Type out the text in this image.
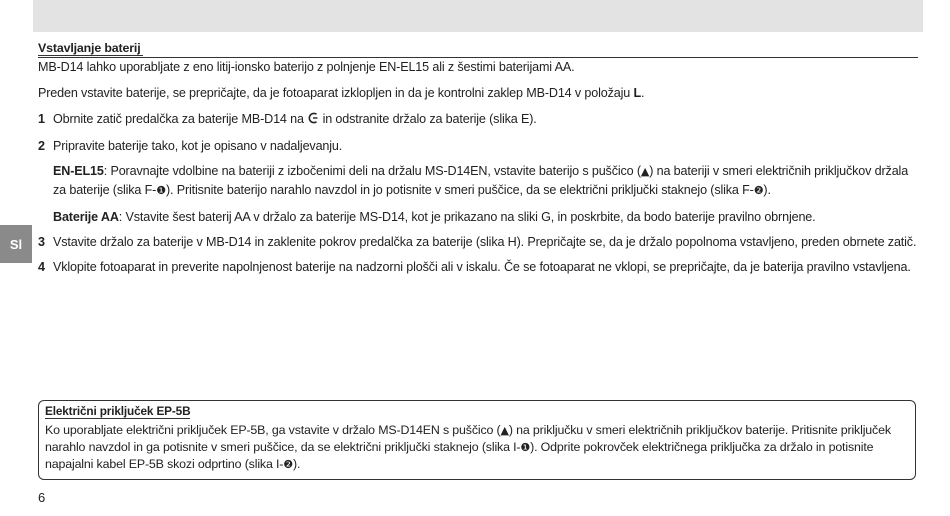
Sl
Vstavljanje baterij

MB-D14 lahko uporabljate z eno litij-ionsko baterijo z polnjenje EN-EL15 ali z šestimi baterijami AA.

Preden vstavite baterije, se prepričajte, da je fotoaparat izklopljen in da je kontrolni zaklep MB-D14 v položaju L.

1 Obrnite zatič predalčka za baterije MB-D14 na  in odstranite držalo za baterije (slika E).
2 Pripravite baterije tako, kot je opisano v nadaljevanju.

EN-EL15: Poravnajte vdolbine na bateriji z izbočenimi deli na držalu MS-D14EN, vstavite baterijo s puščico (▲) na bateriji v smeri električnih priključkov držala za baterije (slika F-❶). Pritisnite baterijo narahlo navzdol in jo potisnite v smeri puščice, da se električni priključki staknejo (slika F-❷).

Baterije AA: Vstavite šest baterij AA v držalo za baterije MS-D14, kot je prikazano na sliki G, in poskrbite, da bodo baterije pravilno obrnjene.

3 Vstavite držalo za baterije v MB-D14 in zaklenite pokrov predalčka za baterije (slika H). Prepričajte se, da je držalo popolnoma vstavljeno, preden obrnete zatič.
4 Vklopite fotoaparat in preverite napolnjenost baterije na nadzorni plošči ali v iskalu. Če se fotoaparat ne vklopi, se prepričajte, da je baterija pravilno vstavljena.
Električni priključek EP-5B

Ko uporabljate električni priključek EP-5B, ga vstavite v držalo MS-D14EN s puščico (▲) na priključku v smeri električnih priključkov baterije. Pritisnite priključek narahlo navzdol in ga potisnite v smeri puščice, da se električni priključki staknejo (slika I-❶). Odprite pokrovček električnega priključka za držalo in potisnite napajalni kabel EP-5B skozi odprtino (slika I-❷).

6
